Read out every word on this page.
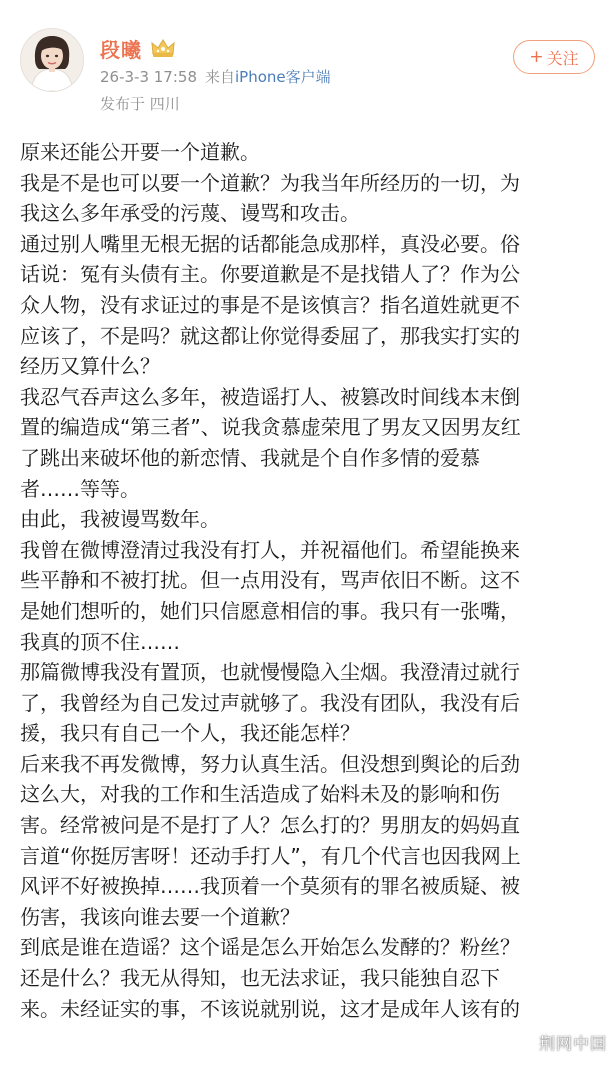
段曦
26-3-3 17:58 来自iPhone客户端
发布于 四川
+ 关注

原来还能公开要一个道歉。

我是不是也可以要一个道歉？为我当年所经历的一切，为
我这么多年承受的污蔑、谩骂和攻击。

通过别人嘴里无根无据的话都能急成那样，真没必要。俗
话说：冤有头债有主。你要道歉是不是找错人了？作为公
众人物，没有求证过的事是不是该慎言？指名道姓就更不
应该了，不是吗？就这都让你觉得委屈了，那我实打实的
经历又算什么？

我忍气吞声这么多年，被造谣打人、被篡改时间线本末倒
置的编造成“第三者”、说我贪慕虚荣甩了男友又因男友红
了跳出来破坏他的新恋情、我就是个自作多情的爱慕
者……等等。

由此，我被谩骂数年。

我曾在微博澄清过我没有打人，并祝福他们。希望能换来
些平静和不被打扰。但一点用没有，骂声依旧不断。这不
是她们想听的，她们只信愿意相信的事。我只有一张嘴，
我真的顶不住……

那篇微博我没有置顶，也就慢慢隐入尘烟。我澄清过就行
了，我曾经为自己发过声就够了。我没有团队，我没有后
援，我只有自己一个人，我还能怎样？

后来我不再发微博，努力认真生活。但没想到舆论的后劲
这么大，对我的工作和生活造成了始料未及的影响和伤
害。经常被问是不是打了人？怎么打的？男朋友的妈妈直
言道“你挺厉害呀！还动手打人”，有几个代言也因我网上
风评不好被换掉……我顶着一个莫须有的罪名被质疑、被
伤害，我该向谁去要一个道歉？

到底是谁在造谣？这个谣是怎么开始怎么发酵的？粉丝？
还是什么？我无从得知，也无法求证，我只能独自忍下
来。未经证实的事，不该说就别说，这才是成年人该有的

荆网中国
